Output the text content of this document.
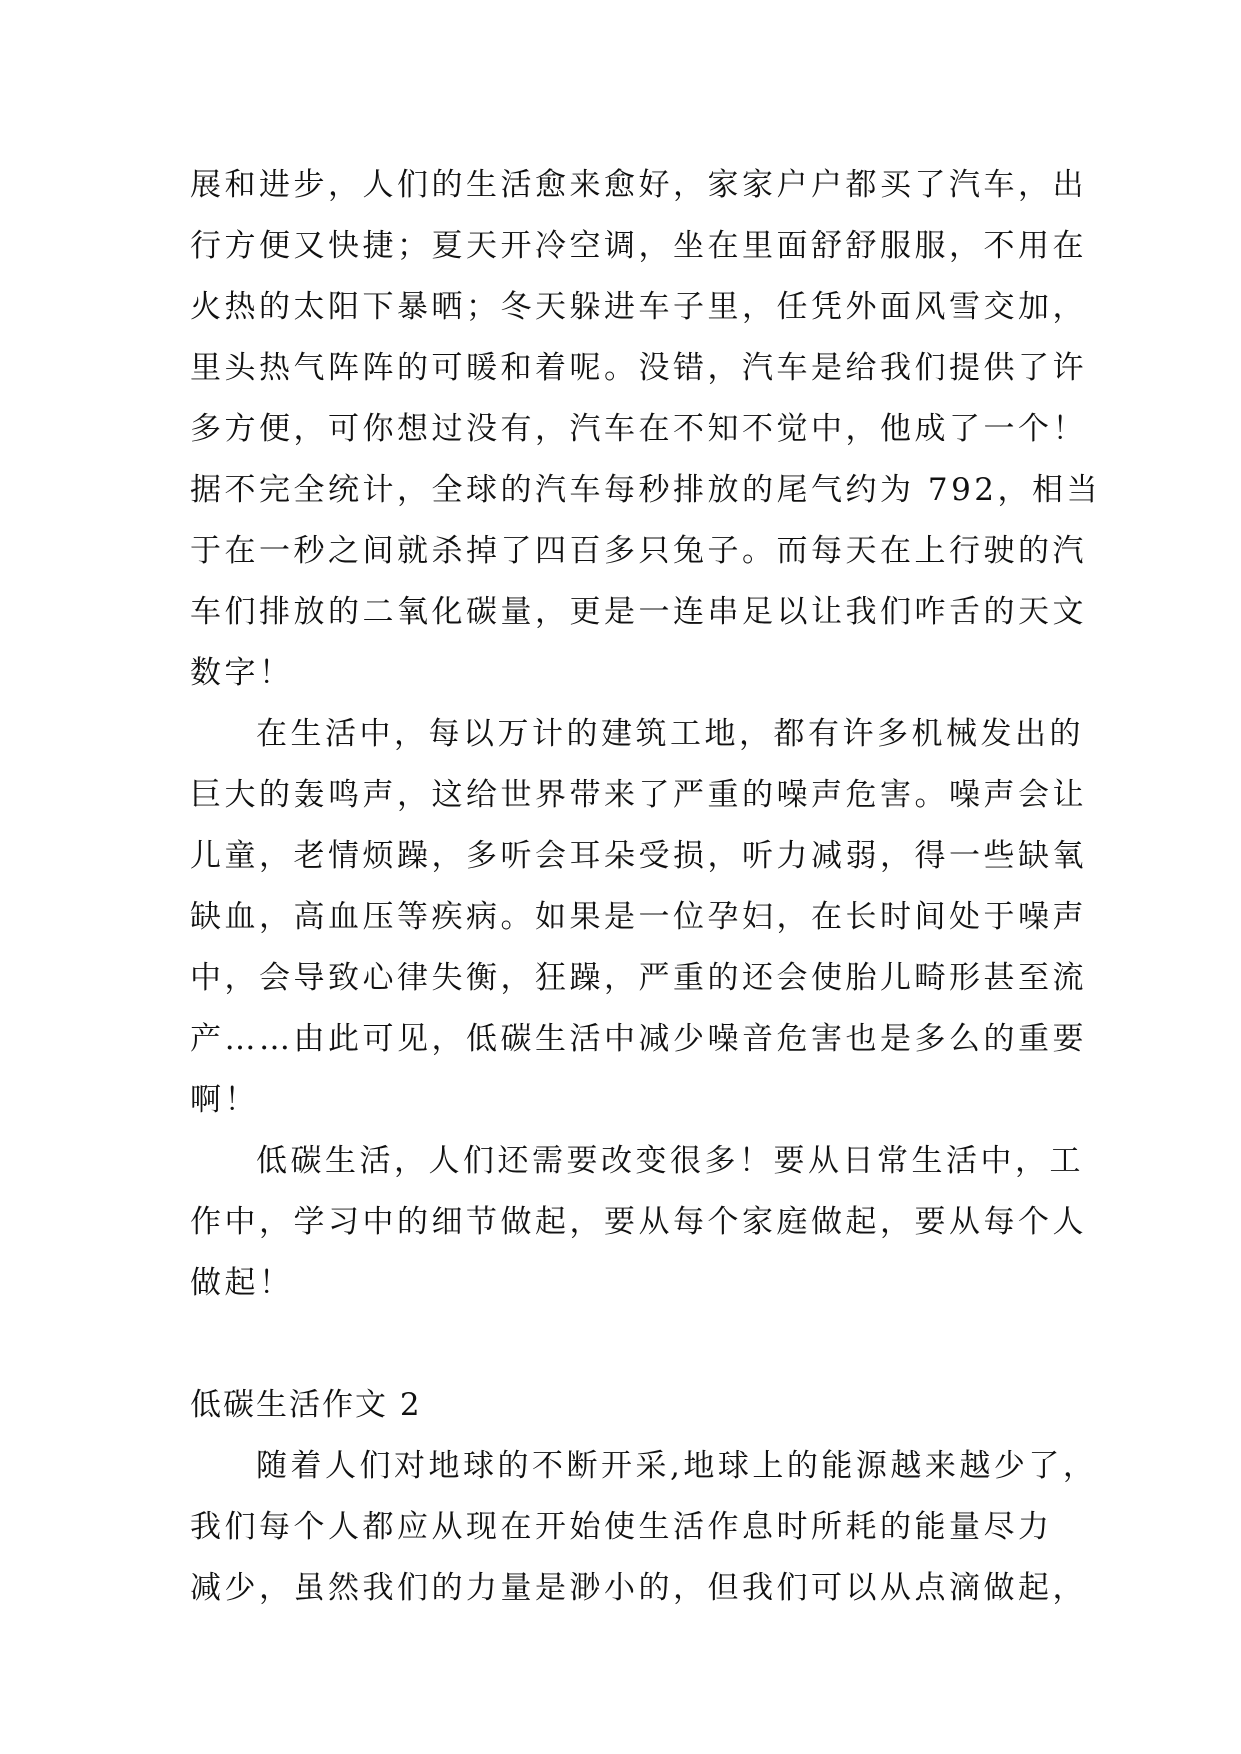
展和进步，人们的生活愈来愈好，家家户户都买了汽车，出
行方便又快捷；夏天开冷空调，坐在里面舒舒服服，不用在
火热的太阳下暴晒；冬天躲进车子里，任凭外面风雪交加，
里头热气阵阵的可暖和着呢。没错，汽车是给我们提供了许
多方便，可你想过没有，汽车在不知不觉中，他成了一个！
据不完全统计，全球的汽车每秒排放的尾气约为 792，相当
于在一秒之间就杀掉了四百多只兔子。而每天在上行驶的汽
车们排放的二氧化碳量，更是一连串足以让我们咋舌的天文
数字！
在生活中，每以万计的建筑工地，都有许多机械发出的
巨大的轰鸣声，这给世界带来了严重的噪声危害。噪声会让
儿童，老情烦躁，多听会耳朵受损，听力减弱，得一些缺氧
缺血，高血压等疾病。如果是一位孕妇，在长时间处于噪声
中，会导致心律失衡，狂躁，严重的还会使胎儿畸形甚至流
产……由此可见，低碳生活中减少噪音危害也是多么的重要
啊！
低碳生活，人们还需要改变很多！要从日常生活中，工
作中，学习中的细节做起，要从每个家庭做起，要从每个人
做起！
低碳生活作文 2
随着人们对地球的不断开采,地球上的能源越来越少了，
我们每个人都应从现在开始使生活作息时所耗的能量尽力
减少，虽然我们的力量是渺小的，但我们可以从点滴做起，
